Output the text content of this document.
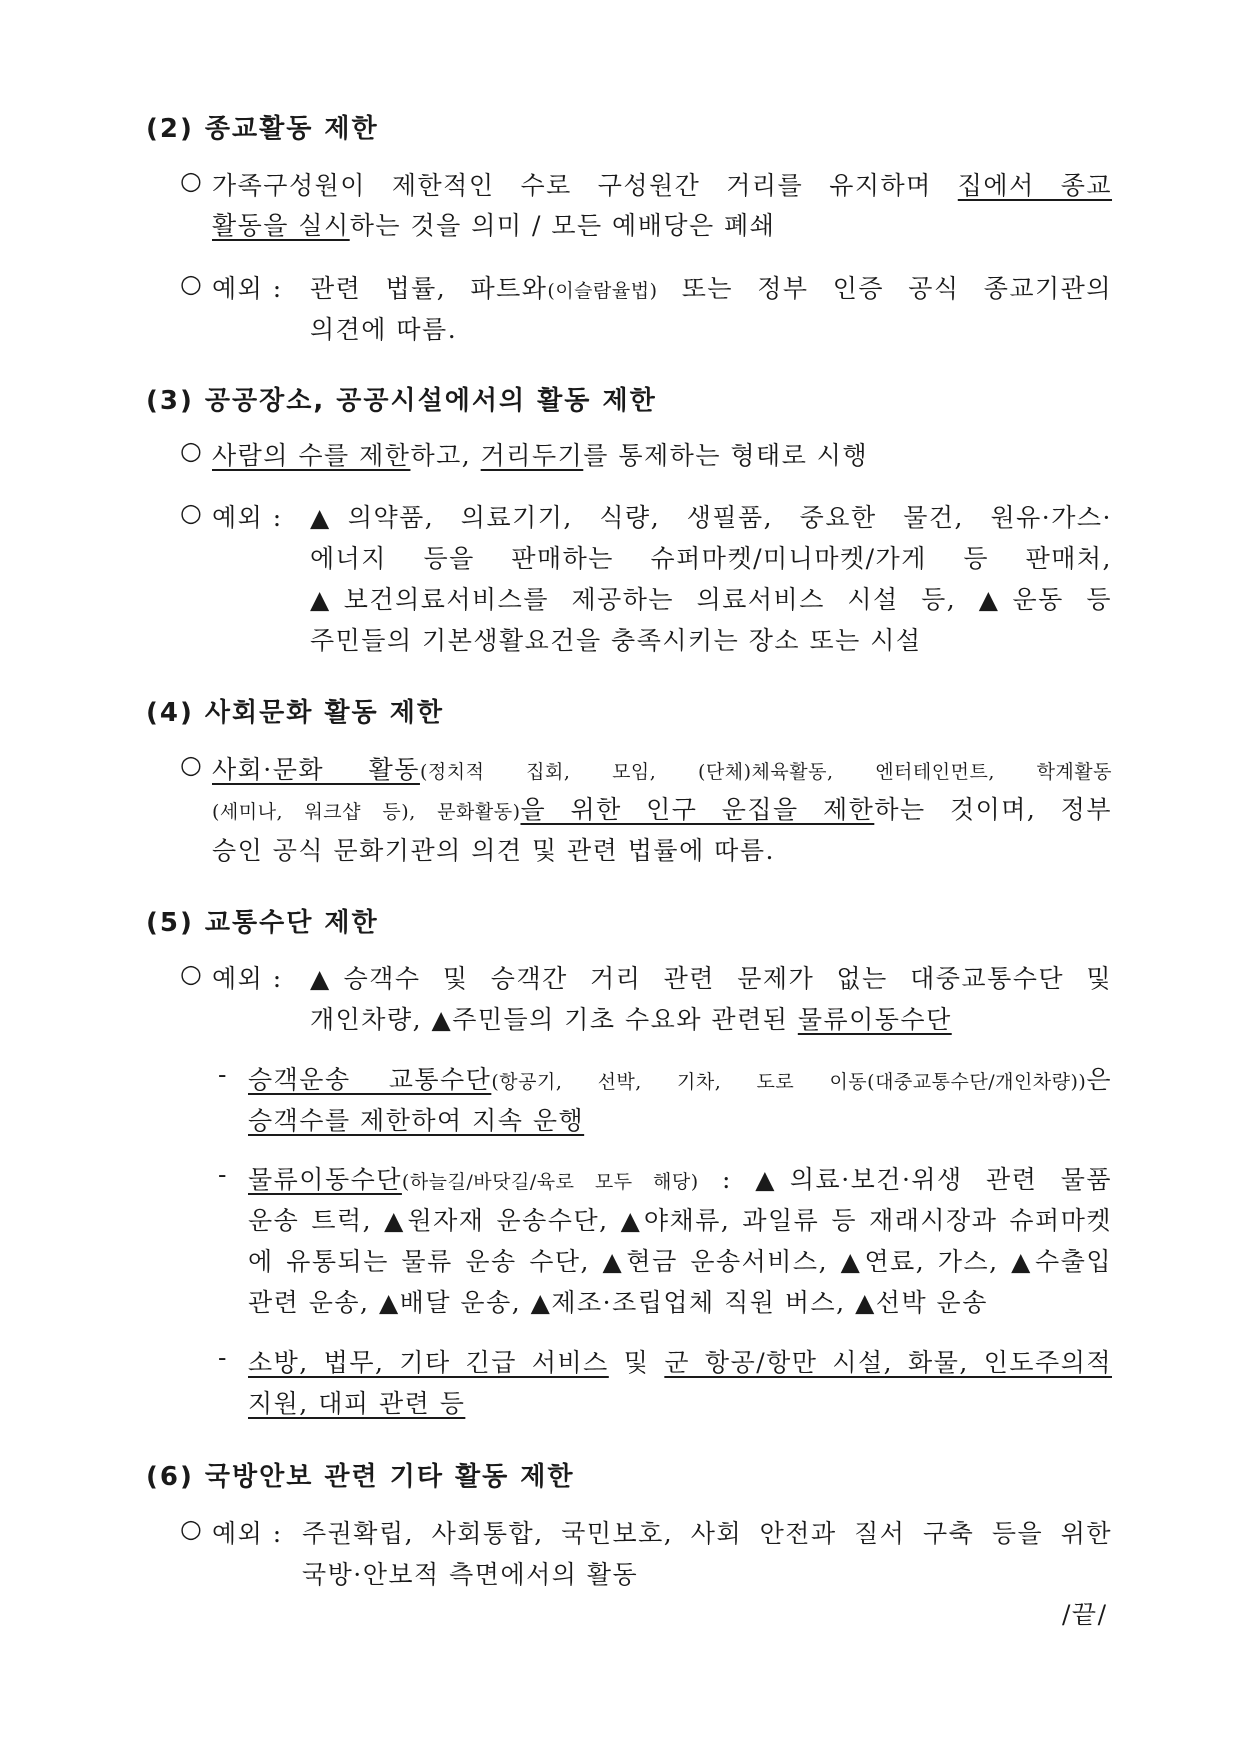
(2) 종교활동 제한
○ 가족구성원이 제한적인 수로 구성원간 거리를 유지하며 집에서 종교
활동을 실시하는 것을 의미 / 모든 예배당은 폐쇄
○ 예외 : 관련 법률, 파트와(이슬람율법) 또는 정부 인증 공식 종교기관의
의견에 따름.
(3) 공공장소, 공공시설에서의 활동 제한
○ 사람의 수를 제한하고, 거리두기를 통제하는 형태로 시행
○ 예외 : ▲의약품, 의료기기, 식량, 생필품, 중요한 물건, 원유·가스·
에너지 등을 판매하는 슈퍼마켓/미니마켓/가게 등 판매처,
▲보건의료서비스를 제공하는 의료서비스 시설 등, ▲운동 등
주민들의 기본생활요건을 충족시키는 장소 또는 시설
(4) 사회문화 활동 제한
○ 사회·문화 활동(정치적 집회, 모임, (단체)체육활동, 엔터테인먼트, 학계활동
(세미나, 워크샵 등), 문화활동)을 위한 인구 운집을 제한하는 것이며, 정부
승인 공식 문화기관의 의견 및 관련 법률에 따름.
(5) 교통수단 제한
○ 예외 : ▲승객수 및 승객간 거리 관련 문제가 없는 대중교통수단 및
개인차량, ▲주민들의 기초 수요와 관련된 물류이동수단
- 승객운송 교통수단(항공기, 선박, 기차, 도로 이동(대중교통수단/개인차량))은
승객수를 제한하여 지속 운행
- 물류이동수단(하늘길/바닷길/육로 모두 해당) : ▲의료·보건·위생 관련 물품
운송 트럭, ▲원자재 운송수단, ▲야채류, 과일류 등 재래시장과 슈퍼마켓
에 유통되는 물류 운송 수단, ▲현금 운송서비스, ▲연료, 가스, ▲수출입
관련 운송, ▲배달 운송, ▲제조·조립업체 직원 버스, ▲선박 운송
- 소방, 법무, 기타 긴급 서비스 및 군 항공/항만 시설, 화물, 인도주의적
지원, 대피 관련 등
(6) 국방안보 관련 기타 활동 제한
○ 예외 : 주권확립, 사회통합, 국민보호, 사회 안전과 질서 구축 등을 위한
국방·안보적 측면에서의 활동
/끝/
